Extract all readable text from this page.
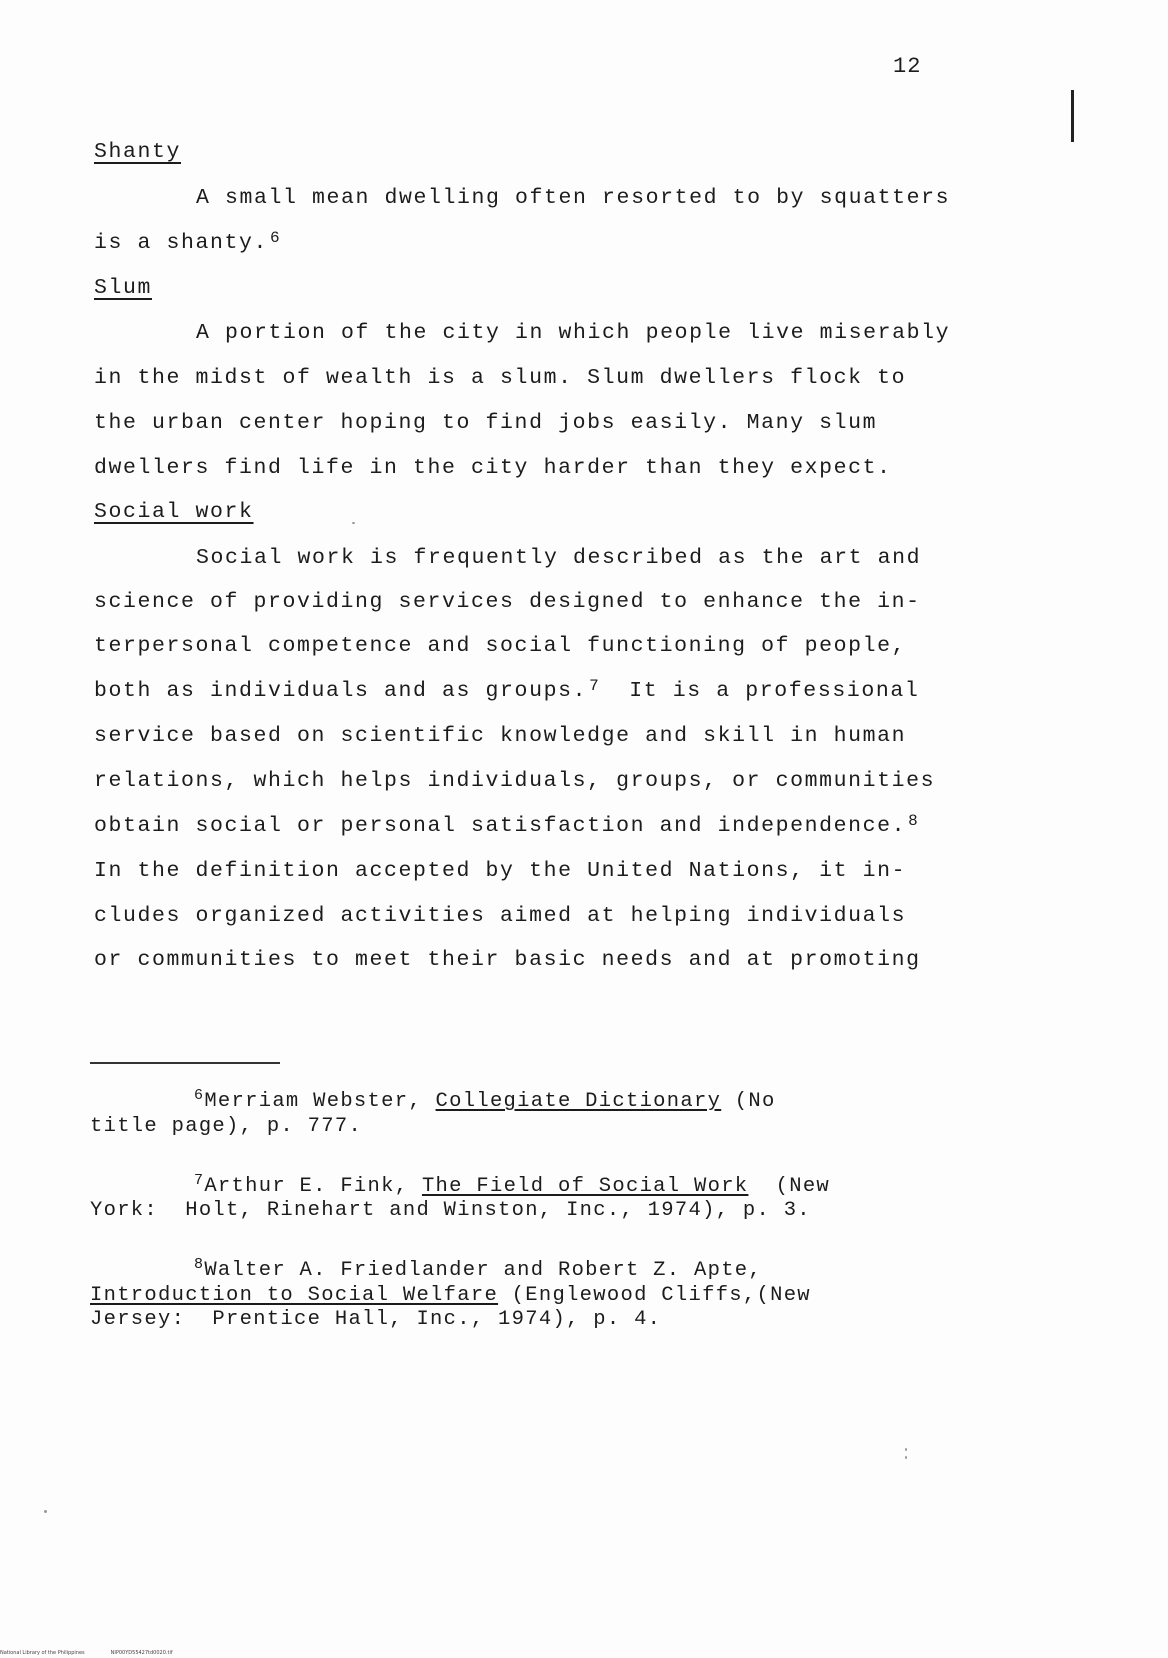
12
Shanty
A small mean dwelling often resorted to by squatters
is a shanty. $^6$
Slum
A portion of the city in which people live miserably
in the midst of wealth is a slum. Slum dwellers flock to
the urban center hoping to find jobs easily. Many slum
dwellers find life in the city harder than they expect.
Social work
Social work is frequently described as the art and
science of providing services designed to enhance the in-
terpersonal competence and social functioning of people,
both as individuals and as groups. $^7$  It is a professional
service based on scientific knowledge and skill in human
relations, which helps individuals, groups, or communities
obtain social or personal satisfaction and independence. $^8$
In the definition accepted by the United Nations, it in-
cludes organized activities aimed at helping individuals
or communities to meet their basic needs and at promoting
$^6$Merriam Webster, Collegiate Dictionary (No
title page), p. 777.
$^7$Arthur E. Fink, The Field of Social Work  (New
York:  Holt, Rinehart and Winston, Inc., 1974), p. 3.
$^8$Walter A. Friedlander and Robert Z. Apte,
Introduction to Social Welfare (Englewood Cliffs,(New
Jersey:  Prentice Hall, Inc., 1974), p. 4.
National Library of the Philippines	NIP00YD55427td0020.tif
